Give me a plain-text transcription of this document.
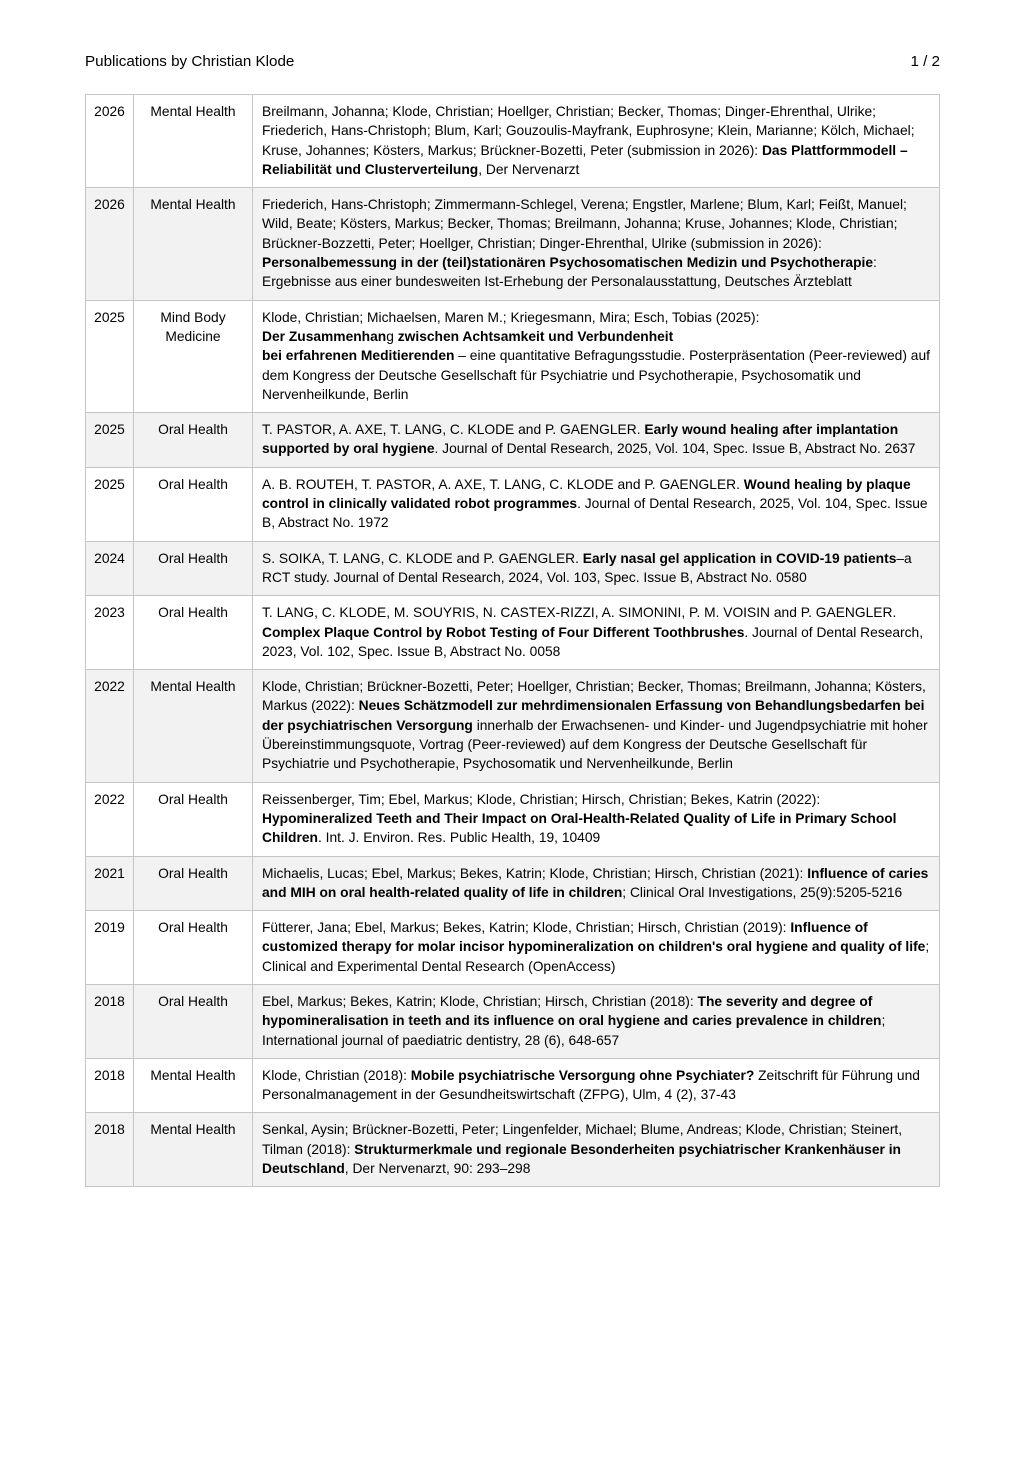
Publications by Christian Klode	1 / 2
2026	Mental Health	Breilmann, Johanna; Klode, Christian; Hoellger, Christian; Becker, Thomas; Dinger-Ehrenthal, Ulrike; Friederich, Hans-Christoph; Blum, Karl; Gouzoulis-Mayfrank, Euphrosyne; Klein, Marianne; Kölch, Michael; Kruse, Johannes; Kösters, Markus; Brückner-Bozetti, Peter (submission in 2026): Das Plattformmodell – Reliabilität und Clusterverteilung, Der Nervenarzt
2026	Mental Health	Friederich, Hans-Christoph; Zimmermann-Schlegel, Verena; Engstler, Marlene; Blum, Karl; Feißt, Manuel; Wild, Beate; Kösters, Markus; Becker, Thomas; Breilmann, Johanna; Kruse, Johannes; Klode, Christian; Brückner-Bozzetti, Peter; Hoellger, Christian; Dinger-Ehrenthal, Ulrike (submission in 2026): Personalbemessung in der (teil)stationären Psychosomatischen Medizin und Psychotherapie: Ergebnisse aus einer bundesweiten Ist-Erhebung der Personalausstattung, Deutsches Ärzteblatt
2025	Mind Body Medicine	Klode, Christian; Michaelsen, Maren M.; Kriegesmann, Mira; Esch, Tobias (2025):
Der Zusammenhang zwischen Achtsamkeit und Verbundenheit
bei erfahrenen Meditierenden – eine quantitative Befragungsstudie. Posterpräsentation (Peer-reviewed) auf dem Kongress der Deutsche Gesellschaft für Psychiatrie und Psychotherapie, Psychosomatik und Nervenheilkunde, Berlin
2025	Oral Health	T. PASTOR, A. AXE, T. LANG, C. KLODE and P. GAENGLER. Early wound healing after implantation supported by oral hygiene. Journal of Dental Research, 2025, Vol. 104, Spec. Issue B, Abstract No. 2637
2025	Oral Health	A. B. ROUTEH, T. PASTOR, A. AXE, T. LANG, C. KLODE and P. GAENGLER. Wound healing by plaque control in clinically validated robot programmes. Journal of Dental Research, 2025, Vol. 104, Spec. Issue B, Abstract No. 1972
2024	Oral Health	S. SOIKA, T. LANG, C. KLODE and P. GAENGLER. Early nasal gel application in COVID-19 patients–a RCT study. Journal of Dental Research, 2024, Vol. 103, Spec. Issue B, Abstract No. 0580
2023	Oral Health	T. LANG, C. KLODE, M. SOUYRIS, N. CASTEX-RIZZI, A. SIMONINI, P. M. VOISIN and P. GAENGLER. Complex Plaque Control by Robot Testing of Four Different Toothbrushes. Journal of Dental Research, 2023, Vol. 102, Spec. Issue B, Abstract No. 0058
2022	Mental Health	Klode, Christian; Brückner-Bozetti, Peter; Hoellger, Christian; Becker, Thomas; Breilmann, Johanna; Kösters, Markus (2022): Neues Schätzmodell zur mehrdimensionalen Erfassung von Behandlungsbedarfen bei der psychiatrischen Versorgung innerhalb der Erwachsenen- und Kinder- und Jugendpsychiatrie mit hoher Übereinstimmungsquote, Vortrag (Peer-reviewed) auf dem Kongress der Deutsche Gesellschaft für Psychiatrie und Psychotherapie, Psychosomatik und Nervenheilkunde, Berlin
2022	Oral Health	Reissenberger, Tim; Ebel, Markus; Klode, Christian; Hirsch, Christian; Bekes, Katrin (2022): Hypomineralized Teeth and Their Impact on Oral-Health-Related Quality of Life in Primary School Children. Int. J. Environ. Res. Public Health, 19, 10409
2021	Oral Health	Michaelis, Lucas; Ebel, Markus; Bekes, Katrin; Klode, Christian; Hirsch, Christian (2021): Influence of caries and MIH on oral health-related quality of life in children; Clinical Oral Investigations, 25(9):5205-5216
2019	Oral Health	Fütterer, Jana; Ebel, Markus; Bekes, Katrin; Klode, Christian; Hirsch, Christian (2019): Influence of customized therapy for molar incisor hypomineralization on children's oral hygiene and quality of life; Clinical and Experimental Dental Research (OpenAccess)
2018	Oral Health	Ebel, Markus; Bekes, Katrin; Klode, Christian; Hirsch, Christian (2018): The severity and degree of hypomineralisation in teeth and its influence on oral hygiene and caries prevalence in children; International journal of paediatric dentistry, 28 (6), 648-657
2018	Mental Health	Klode, Christian (2018): Mobile psychiatrische Versorgung ohne Psychiater? Zeitschrift für Führung und Personalmanagement in der Gesundheitswirtschaft (ZFPG), Ulm, 4 (2), 37-43
2018	Mental Health	Senkal, Aysin; Brückner-Bozetti, Peter; Lingenfelder, Michael; Blume, Andreas; Klode, Christian; Steinert, Tilman (2018): Strukturmerkmale und regionale Besonderheiten psychiatrischer Krankenhäuser in Deutschland, Der Nervenarzt, 90: 293–298
